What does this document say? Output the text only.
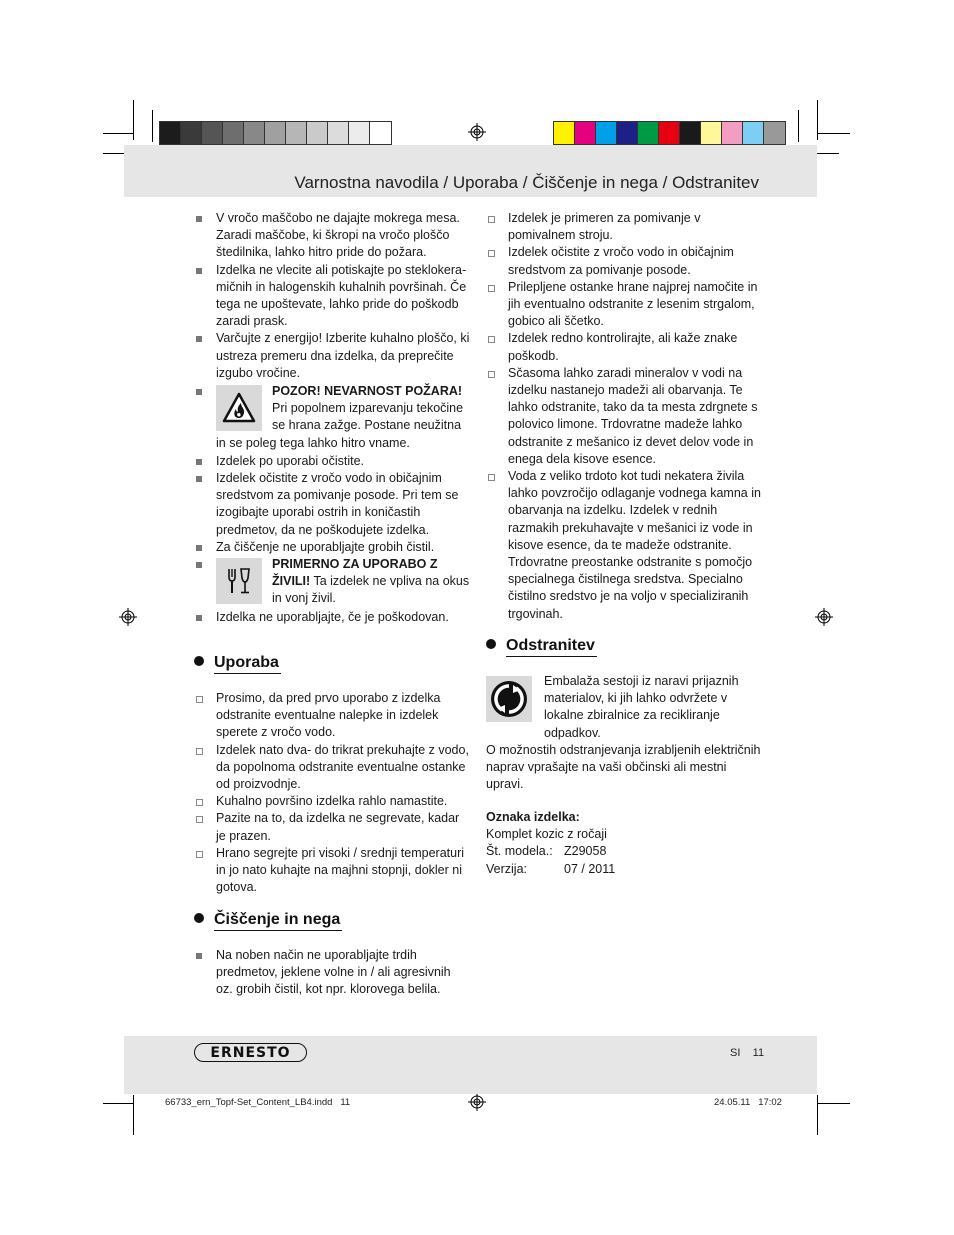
Varnostna navodila / Uporaba / Čiščenje in nega / Odstranitev
V vročo maščobo ne dajajte mokrega mesa. Zaradi maščobe, ki škropi na vročo ploščo štedilnika, lahko hitro pride do požara.
Izdelka ne vlecite ali potiskajte po steklokera-mičnih in halogenskih kuhalnih površinah. Če tega ne upoštevate, lahko pride do poškodb zaradi prask.
Varčujte z energijo! Izberite kuhalno ploščo, ki ustreza premeru dna izdelka, da preprečite izgubo vročine.
POZOR! NEVARNOST POŽARA! Pri popolnem izparevanju tekočine se hrana zažge. Postane neužitna in se poleg tega lahko hitro vname.
Izdelek po uporabi očistite.
Izdelek očistite z vročo vodo in običajnim sredstvom za pomivanje posode. Pri tem se izogibajte uporabi ostrih in koničastih predmetov, da ne poškodujete izdelka.
Za čiščenje ne uporabljajte grobih čistil.
PRIMERNO ZA UPORABO Z ŽIVILI! Ta izdelek ne vpliva na okus in vonj živil.
Izdelka ne uporabljajte, če je poškodovan.
Uporaba
Prosimo, da pred prvo uporabo z izdelka odstranite eventualne nalepke in izdelek sperete z vročo vodo.
Izdelek nato dva- do trikrat prekuhajte z vodo, da popolnoma odstranite eventualne ostanke od proizvodnje.
Kuhalno površino izdelka rahlo namastite.
Pazite na to, da izdelka ne segrevate, kadar je prazen.
Hrano segrejte pri visoki / srednji temperaturi in jo nato kuhajte na majhni stopnji, dokler ni gotova.
Čiščenje in nega
Na noben način ne uporabljajte trdih predmetov, jeklene volne in / ali agresivnih oz. grobih čistil, kot npr. klorovega belila.
Izdelek je primeren za pomivanje v pomivalnem stroju.
Izdelek očistite z vročo vodo in običajnim sredstvom za pomivanje posode.
Prilepljene ostanke hrane najprej namočite in jih eventualno odstranite z lesenim strgalom, gobico ali ščetko.
Izdelek redno kontrolirajte, ali kaže znake poškodb.
Sčasoma lahko zaradi mineralov v vodi na izdelku nastanejo madeži ali obarvanja. Te lahko odstranite, tako da ta mesta zdrgnete s polovico limone. Trdovratne madeže lahko odstranite z mešanico iz devet delov vode in enega dela kisove esence.
Voda z veliko trdoto kot tudi nekatera živila lahko povzročijo odlaganje vodnega kamna in obarvanja na izdelku. Izdelek v rednih razmakih prekuhavajte v mešanici iz vode in kisove esence, da te madeže odstranite. Trdovratne preostanke odstranite s pomočjo specialnega čistilnega sredstva. Specialno čistilno sredstvo je na voljo v specializiranih trgovinah.
Odstranitev
Embalaža sestoji iz naravi prijaznih materialov, ki jih lahko odvržete v lokalne zbiralnice za recikliranje odpadkov.
O možnostih odstranjevanja izrabljenih električnih naprav vprašajte na vaši občinski ali mestni upravi.
Oznaka izdelka:
Komplet kozic z ročaji
Št. modela.: Z29058
Verzija:	07 / 2011
ERNESTO	SI 11
66733_ern_Topf-Set_Content_LB4.indd   11	24.05.11   17:02
